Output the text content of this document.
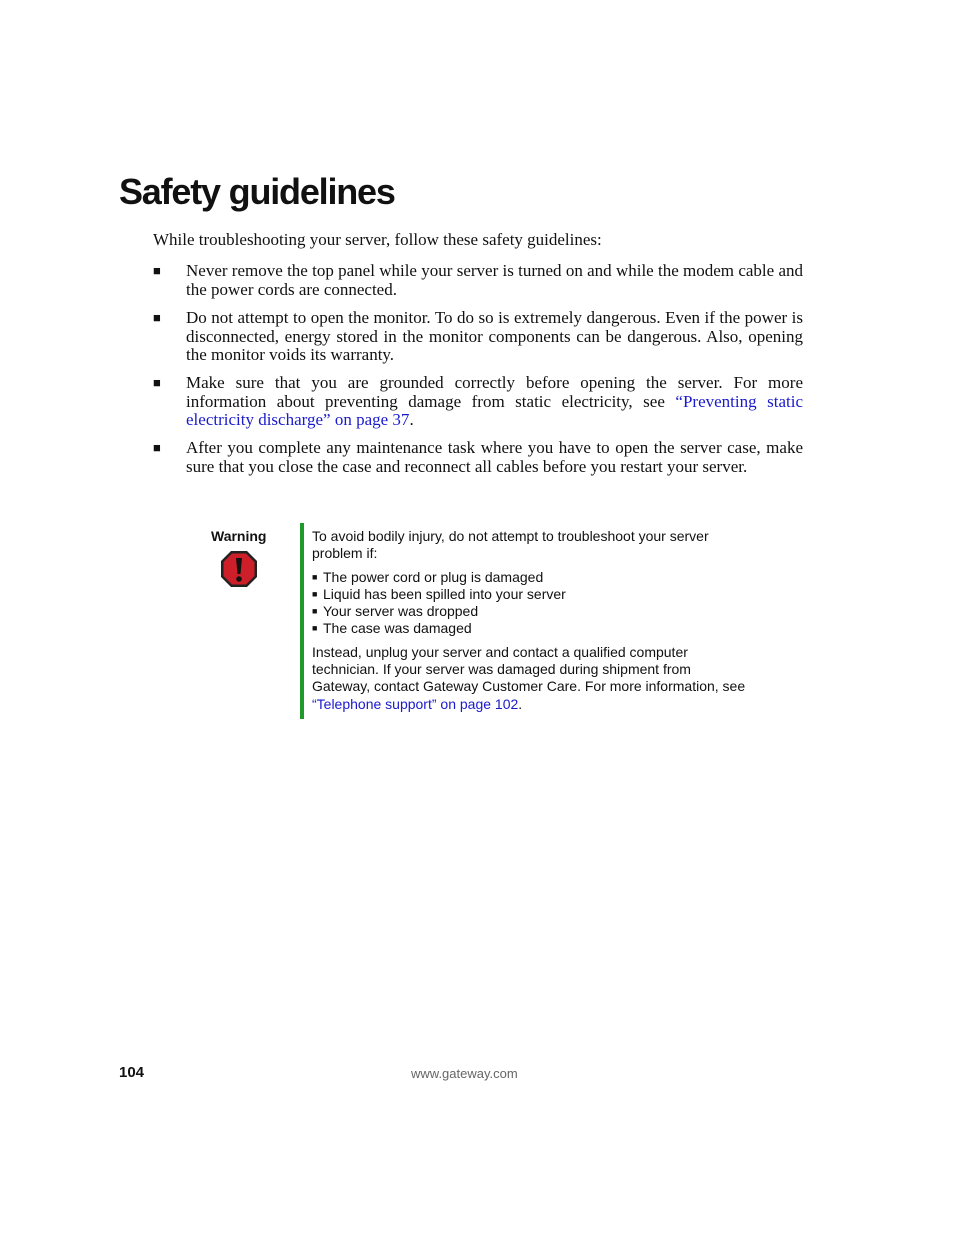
Safety guidelines
While troubleshooting your server, follow these safety guidelines:
■ Never remove the top panel while your server is turned on and while the modem cable and the power cords are connected.
■ Do not attempt to open the monitor. To do so is extremely dangerous. Even if the power is disconnected, energy stored in the monitor components can be dangerous. Also, opening the monitor voids its warranty.
■ Make sure that you are grounded correctly before opening the server. For more information about preventing damage from static electricity, see “Preventing static electricity discharge” on page 37.
■ After you complete any maintenance task where you have to open the server case, make sure that you close the case and reconnect all cables before you restart your server.
Warning	To avoid bodily injury, do not attempt to troubleshoot your server problem if:

■ The power cord or plug is damaged
■ Liquid has been spilled into your server
■ Your server was dropped
■ The case was damaged

Instead, unplug your server and contact a qualified computer technician. If your server was damaged during shipment from Gateway, contact Gateway Customer Care. For more information, see “Telephone support” on page 102.

104	www.gateway.com
